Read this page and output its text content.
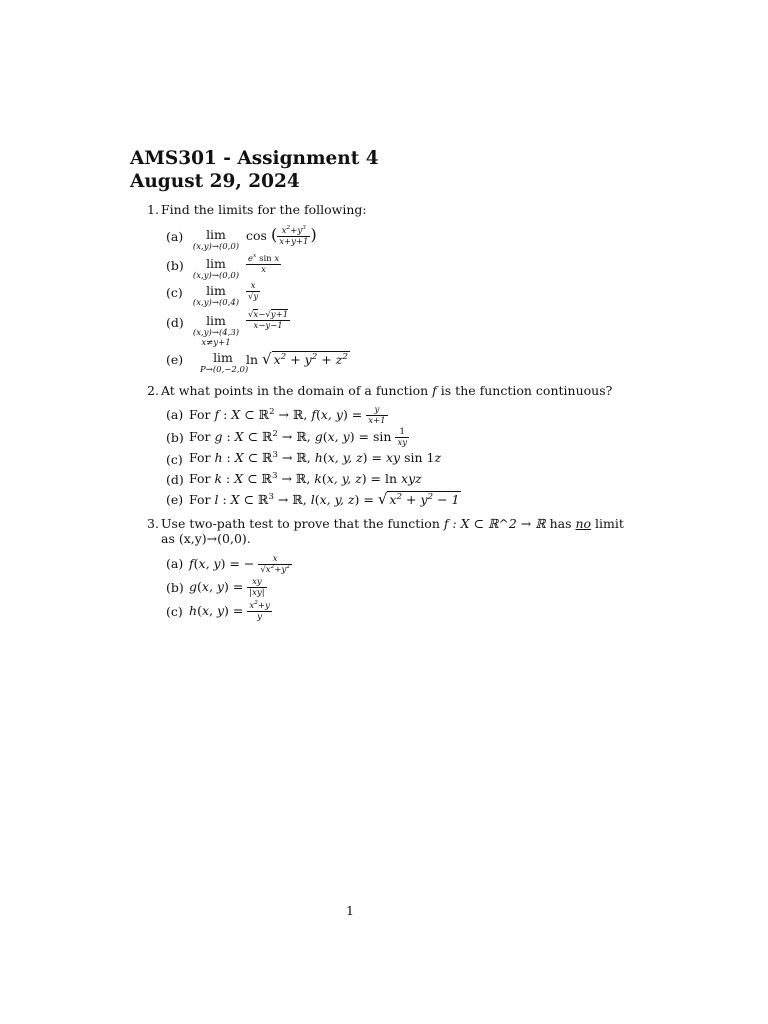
AMS301 - Assignment 4
August 29, 2024
1. Find the limits for the following:
(a)	lim
(x,y)→(0,0)
cos ( $\frac{x^2+y^3}{x+y+1}$ )
(b)	lim
(x,y)→(0,0)
$\frac{e^x \sin x}{x}$
(c)	lim
(x,y)→(0,4)
$\frac{x}{√y}$
(d)	lim
(x,y)→(4,3)
x≠y+1
$\frac{√x-√y+1}{x-y-1}$
(e)	lim
P→(0,−2,0)
ln √ $x^2 + y^2 + z^2$
2. At what points in the domain of a function f is the function continuous?
(a) For f : X ⊂ ℝ$^2$ → ℝ, f(x, $y) = \frac{y}{x+1}$
(b) For g : X ⊂ ℝ$^2$ → ℝ, g(x, $y) = \sin \frac{1}{xy}$
(c) For h : X ⊂ ℝ$^3$ → ℝ, h(x, y, z) = xy sin 1z
(d) For k : X ⊂ ℝ$^3$ → ℝ, k(x, y, z) = ln xyz
(e) For l : X ⊂ ℝ$^3$ → ℝ, l(x, y, z) = √ $x^2 + y^2 - 1$
3. Use two-path test to prove that the function f : X ⊂ ℝ^2 → ℝ has no limit
as (x,y)→(0,0).
(a) f(x, y) = − $\frac{x}{√x^2+y^2}$
(b) g(x, $y) = \frac{xy}{|xy|}$
(c) h(x, $y) = \frac{x^2+y}{y}$
1
